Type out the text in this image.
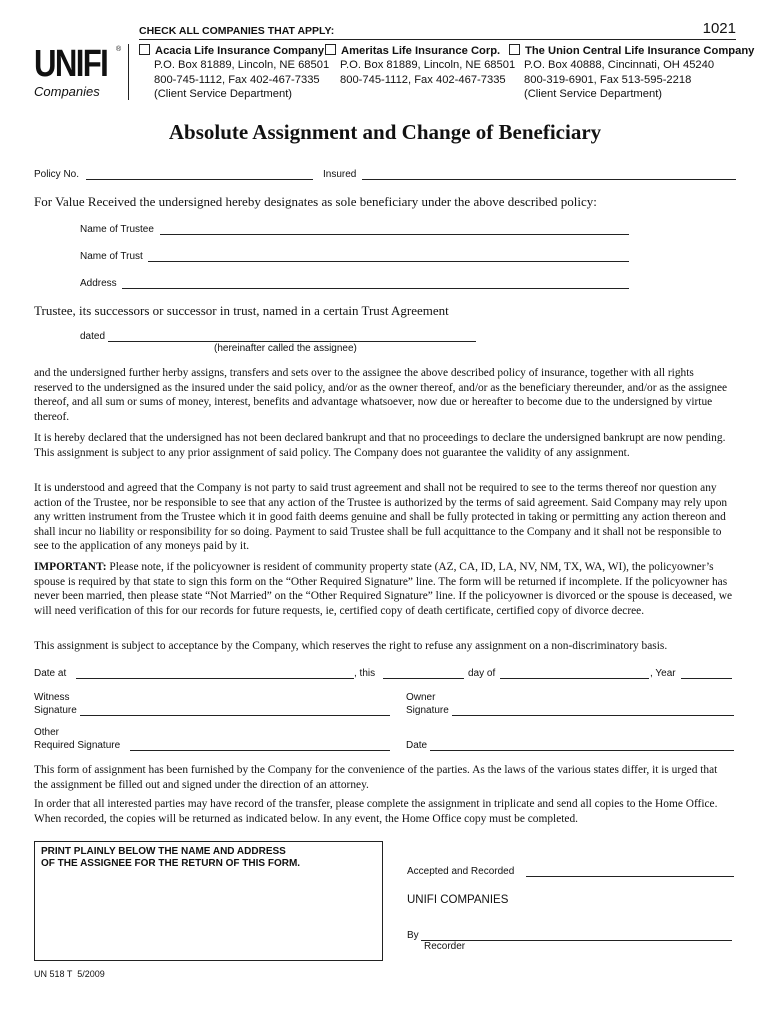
1021
CHECK ALL COMPANIES THAT APPLY:
UNIFI ®
Companies
Acacia Life Insurance Company
P.O. Box 81889, Lincoln, NE 68501
800-745-1112, Fax 402-467-7335
(Client Service Department)
Ameritas Life Insurance Corp.
P.O. Box 81889, Lincoln, NE 68501
800-745-1112, Fax 402-467-7335
The Union Central Life Insurance Company
P.O. Box 40888, Cincinnati, OH 45240
800-319-6901, Fax 513-595-2218
(Client Service Department)
Absolute Assignment and Change of Beneficiary
Policy No.	Insured
For Value Received the undersigned hereby designates as sole beneficiary under the above described policy:
Name of Trustee
Name of Trust
Address
Trustee, its successors or successor in trust, named in a certain Trust Agreement
dated
(hereinafter called the assignee)

and the undersigned further herby assigns, transfers and sets over to the assignee the above described policy of insurance, together with all rights reserved to the undersigned as the insured under the said policy, and/or as the owner thereof, and/or as the beneficiary thereunder, and/or as the assignee thereof, and all sum or sums of money, interest, benefits and advantage whatsoever, now due or hereafter to become due to the undersigned by virtue thereof.

It is hereby declared that the undersigned has not been declared bankrupt and that no proceedings to declare the undersigned bankrupt are now pending. This assignment is subject to any prior assignment of said policy. The Company does not guarantee the validity of any assignment.

It is understood and agreed that the Company is not party to said trust agreement and shall not be required to see to the terms thereof nor question any action of the Trustee, nor be responsible to see that any action of the Trustee is authorized by the terms of said agreement. Said Company may rely upon any written instrument from the Trustee which it in good faith deems genuine and shall be fully protected in taking or permitting any action thereon and shall incur no liability or responsibility for so doing. Payment to said Trustee shall be full acquittance to the Company and it shall not be responsible to see to the application of any moneys paid by it.

IMPORTANT: Please note, if the policyowner is resident of community property state (AZ, CA, ID, LA, NV, NM, TX, WA, WI), the policyowner’s spouse is required by that state to sign this form on the “Other Required Signature” line. The form will be returned if incomplete. If the policyowner has never been married, then please state “Not Married” on the “Other Required Signature” line. If the policyowner is divorced or the spouse is deceased, we will need verification of this for our records for future requests, ie, certified copy of death certificate, certified copy of divorce decree.

This assignment is subject to acceptance by the Company, which reserves the right to refuse any assignment on a non-discriminatory basis.

Date at	, this	day of	, Year
Witness
Signature
Owner
Signature
Other
Required Signature	Date

This form of assignment has been furnished by the Company for the convenience of the parties. As the laws of the various states differ, it is urged that the assignment be filled out and signed under the direction of an attorney.

In order that all interested parties may have record of the transfer, please complete the assignment in triplicate and send all copies to the Home Office. When recorded, the copies will be returned as indicated below. In any event, the Home Office copy must be completed.

PRINT PLAINLY BELOW THE NAME AND ADDRESS
OF THE ASSIGNEE FOR THE RETURN OF THIS FORM.
Accepted and Recorded
UNIFI COMPANIES
By
Recorder
UN 518 T  5/2009
